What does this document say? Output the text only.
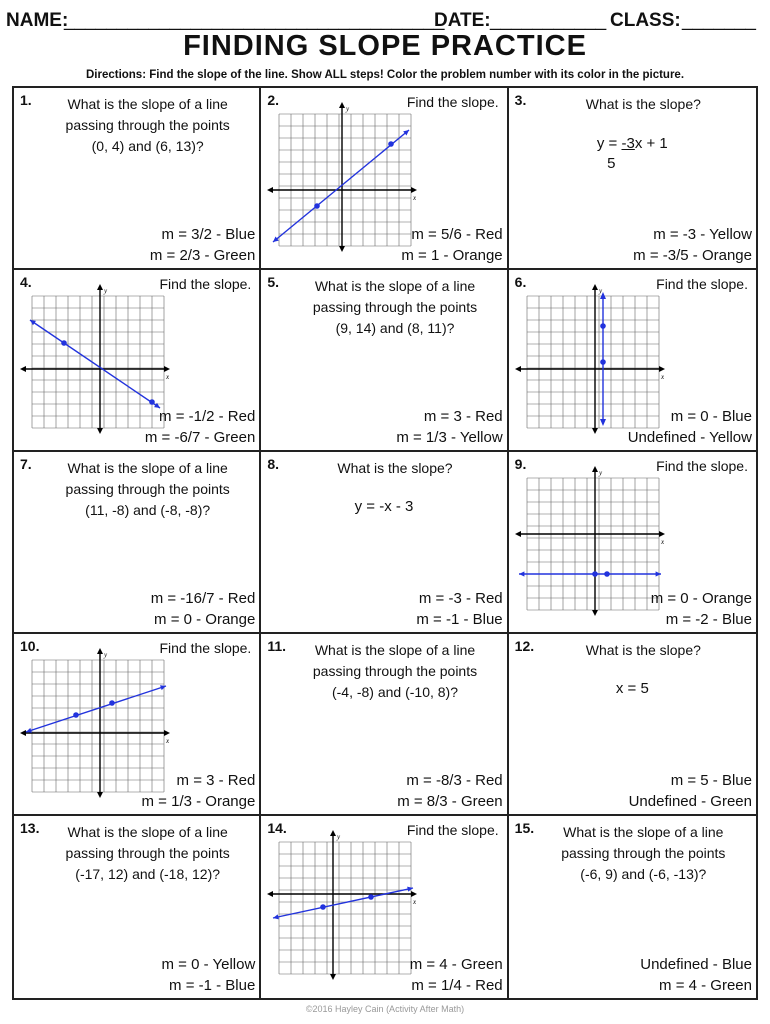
NAME:
____________________________________
DATE: ___________ CLASS: _______
FINDING SLOPE PRACTICE
Directions: Find the slope of the line. Show ALL steps! Color the problem number with its color in the picture.
1.	What is the slope of a line
passing through the points
(0, 4) and (6, 13)?
m = 3/2 - Blue
m = 2/3 - Green
2.	Find the slope.
x
y
m = 5/6 - Red
m = 1 - Orange
3.	What is the slope?
y = -3x + 1
5
m = -3 - Yellow
m = -3/5 - Orange
4.	Find the slope.
x
y
m = -1/2 - Red
m = -6/7 - Green
5.	What is the slope of a line
passing through the points
(9, 14) and (8, 11)?
m = 3 - Red
m = 1/3 - Yellow
6.	Find the slope.
x
y
m = 0 - Blue
Undefined - Yellow
7.	What is the slope of a line
passing through the points
(11, -8) and (-8, -8)?
m = -16/7 - Red
m = 0 - Orange
8.	What is the slope?
y = -x - 3
m = -3 - Red
m = -1 - Blue
9.	Find the slope.
x
y
m = 0 - Orange
m = -2 - Blue
10.	Find the slope.
x
y
m = 3 - Red
m = 1/3 - Orange
11.	What is the slope of a line
passing through the points
(-4, -8) and (-10, 8)?
m = -8/3 - Red
m = 8/3 - Green
12.	What is the slope?
x = 5
m = 5 - Blue
Undefined - Green
13.	What is the slope of a line
passing through the points
(-17, 12) and (-18, 12)?
m = 0 - Yellow
m = -1 - Blue
14.	Find the slope.
x
y
m = 4 - Green
m = 1/4 - Red
15.	What is the slope of a line
passing through the points
(-6, 9) and (-6, -13)?
Undefined - Blue
m = 4 - Green
©2016 Hayley Cain (Activity After Math)
